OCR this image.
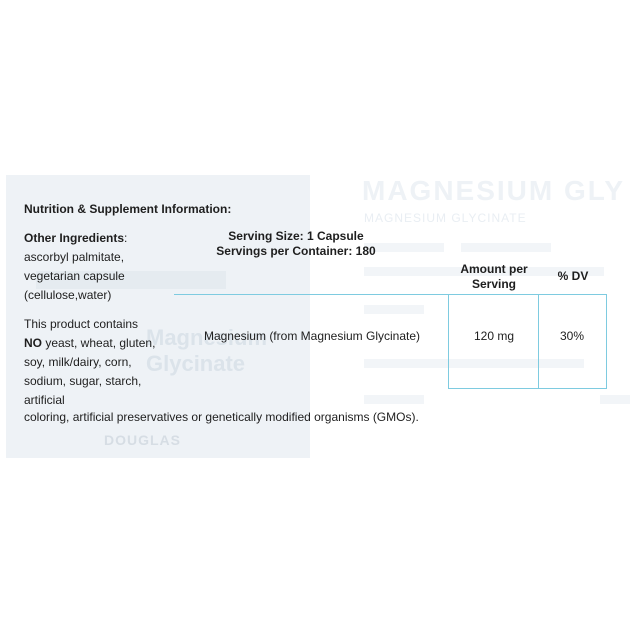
Magnesium Glycinate
DOUGLAS
MAGNESIUM GLY
MAGNESIUM GLYCINATE
Nutrition & Supplement Information:
Other Ingredients:
ascorbyl palmitate, vegetarian capsule (cellulose,water)
This product contains
NO yeast, wheat, gluten, soy, milk/dairy, corn, sodium, sugar, starch, artificial
coloring, artificial preservatives or genetically modified organisms (GMOs).
Serving Size: 1 Capsule
Servings per Container: 180
Amount per
Serving
% DV
Magnesium (from Magnesium Glycinate)	120 mg	30%
